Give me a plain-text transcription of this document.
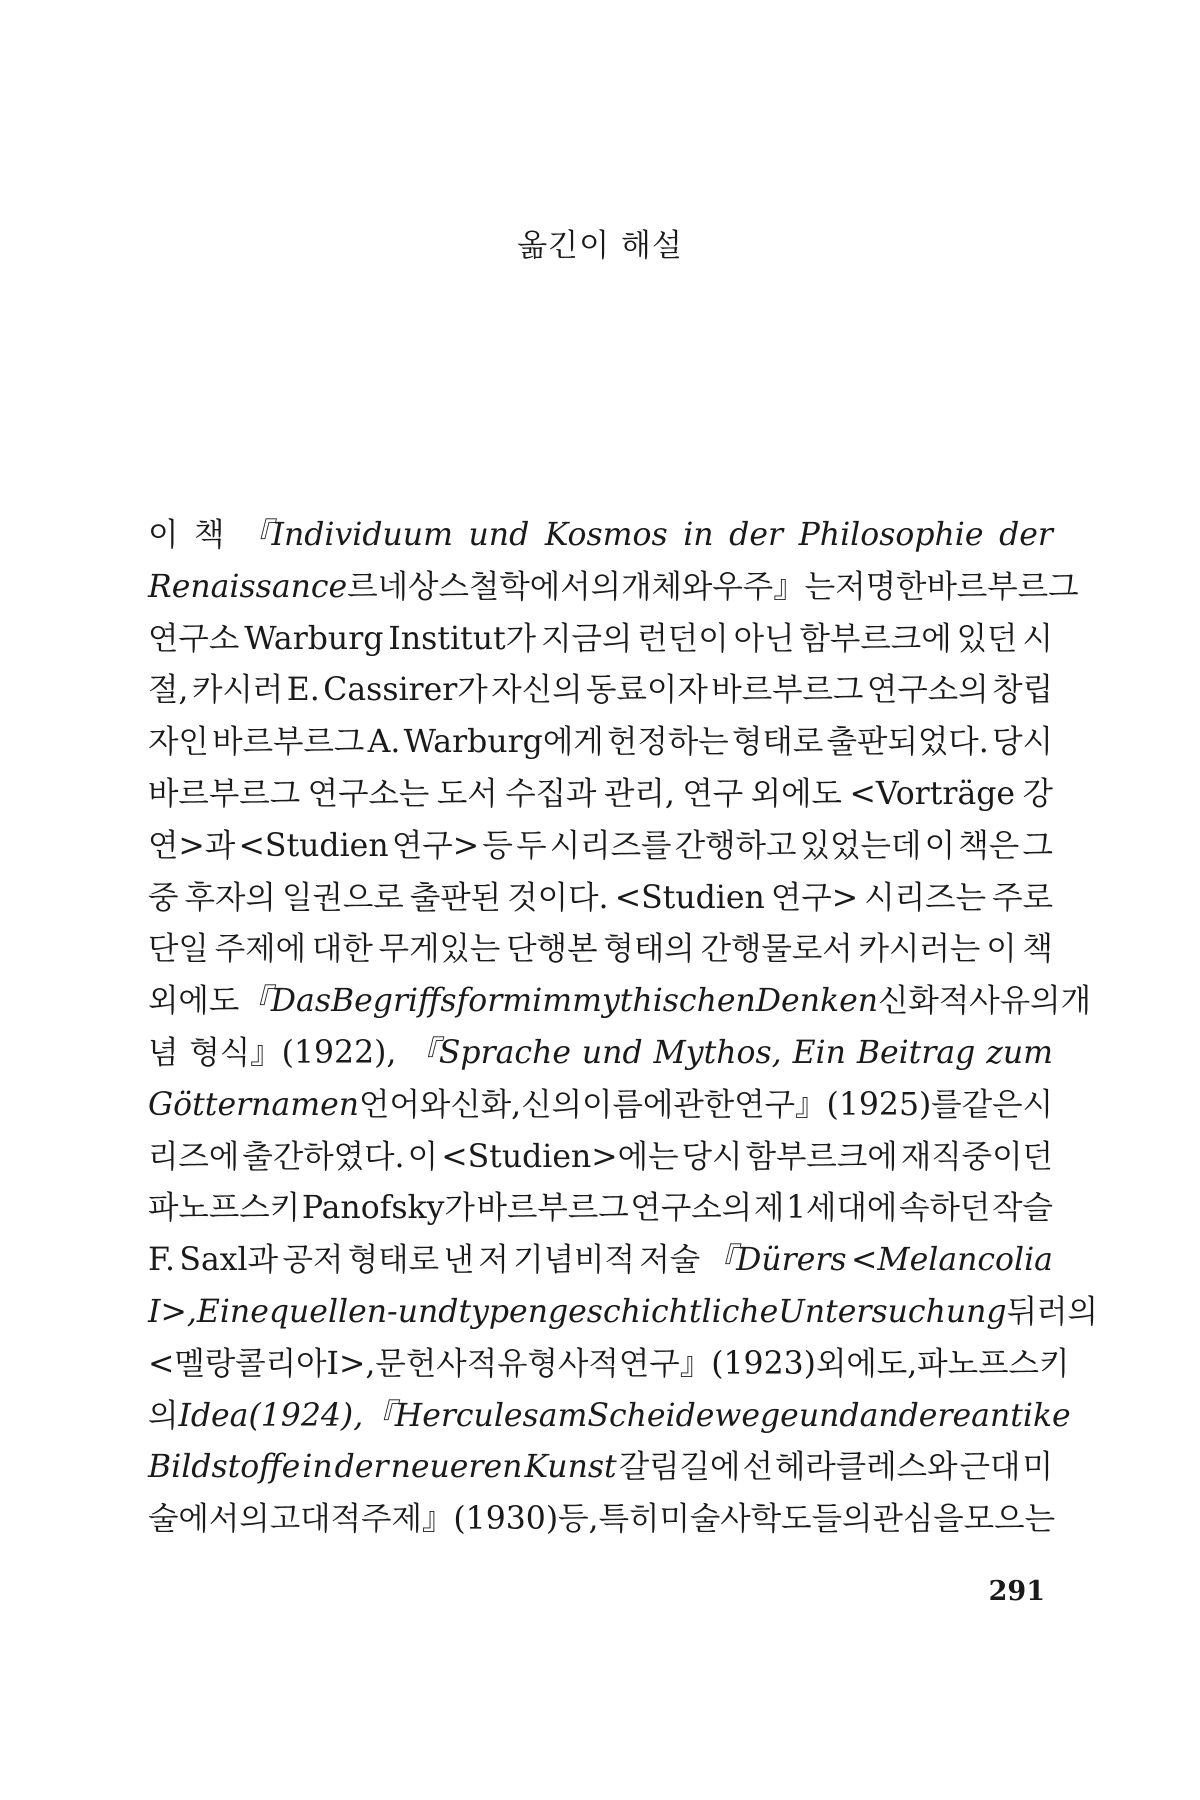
옮긴이 해설
이 책 『Individuum und Kosmos in der Philosophie der
Renaissance 르네상스 철학에서의 개체와 우주』는 저명한 바르부르그
연구소 Warburg Institut가 지금의 런던이 아닌 함부르크에 있던 시
절, 카시러 E. Cassirer가 자신의 동료이자 바르부르그 연구소의 창립
자인 바르부르그 A. Warburg에게 헌정하는 형태로 출판되었다. 당시
바르부르그 연구소는 도서 수집과 관리, 연구 외에도 <Vorträge 강
연>과 <Studien 연구> 등 두 시리즈를 간행하고 있었는데 이 책은 그
중 후자의 일권으로 출판된 것이다. <Studien 연구> 시리즈는 주로
단일 주제에 대한 무게있는 단행본 형태의 간행물로서 카시러는 이 책
외에도 『Das Begriffsform im mythischen Denken 신화적 사유의 개
념 형식』(1922), 『Sprache und Mythos, Ein Beitrag zum
Götternamen 언어와 신화, 신의 이름에 관한 연구』(1925)를 같은 시
리즈에 출간하였다. 이 <Studien>에는 당시 함부르크에 재직중이던
파노프스키 Panofsky가 바르부르그 연구소의 제 1세대에 속하던 작슬
F. Saxl과 공저 형태로 낸 저 기념비적 저술 『Dürers <Melancolia
I>, Eine quellen- und typengeschichtliche Untersuchung 뒤러의
<멜랑콜리아 I>, 문헌사적 유형사적 연구』(1923) 외에도, 파노프스키
의 Idea(1924), 『Hercules am Scheidewege und andere antike
Bildstoffe in der neueren Kunst 갈림길에 선 헤라클레스와 근대 미
술에서의 고대적 주제』(1930) 등, 특히 미술사학도들의 관심을 모으는
291
